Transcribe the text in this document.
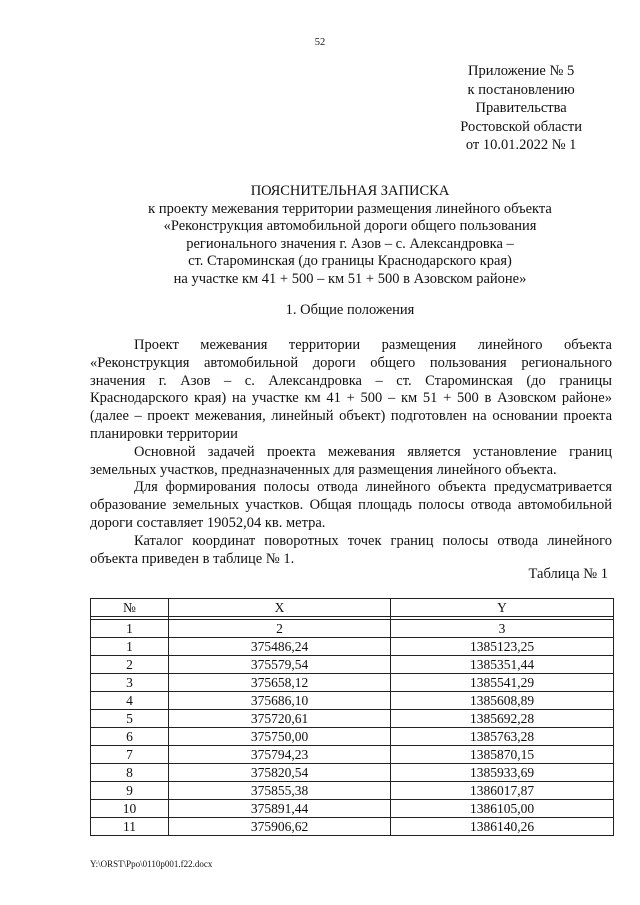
52
Приложение № 5
к постановлению
Правительства
Ростовской области
от 10.01.2022 № 1
ПОЯСНИТЕЛЬНАЯ ЗАПИСКА
к проекту межевания территории размещения линейного объекта
«Реконструкция автомобильной дороги общего пользования
регионального значения г. Азов – с. Александровка –
ст. Староминская (до границы Краснодарского края)
на участке км 41 + 500 – км 51 + 500 в Азовском районе»
1. Общие положения

Проект межевания территории размещения линейного объекта «Реконструкция автомобильной дороги общего пользования регионального значения г. Азов – с. Александровка – ст. Староминская (до границы Краснодарского края) на участке км 41 + 500 – км 51 + 500 в Азовском районе» (далее – проект межевания, линейный объект) подготовлен на основании проекта планировки территории

Основной задачей проекта межевания является установление границ земельных участков, предназначенных для размещения линейного объекта.

Для формирования полосы отвода линейного объекта предусматривается образование земельных участков. Общая площадь полосы отвода автомобильной дороги составляет 19052,04 кв. метра.

Каталог координат поворотных точек границ полосы отвода линейного объекта приведен в таблице № 1.

Таблица № 1
№	X	Y

1	2	3
1	375486,24	1385123,25
2	375579,54	1385351,44
3	375658,12	1385541,29
4	375686,10	1385608,89
5	375720,61	1385692,28
6	375750,00	1385763,28
7	375794,23	1385870,15
8	375820,54	1385933,69
9	375855,38	1386017,87
10	375891,44	1386105,00
11	375906,62	1386140,26
Y:\ORST\Ppo\0110p001.f22.docx
